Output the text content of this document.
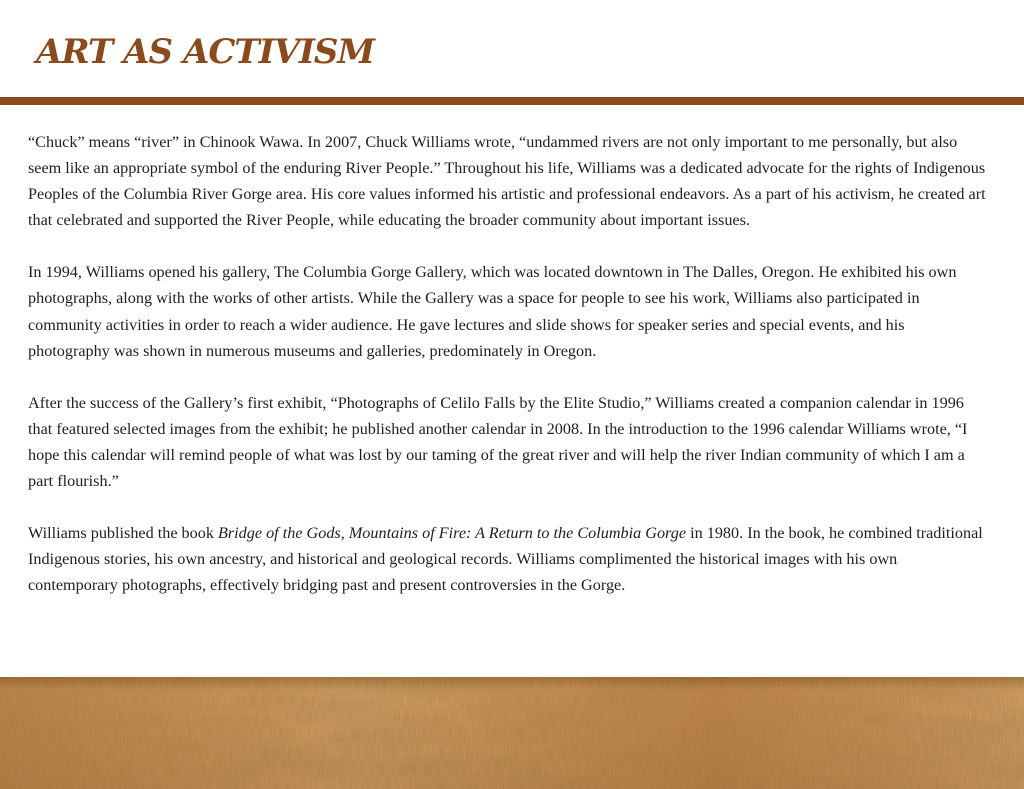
ART AS ACTIVISM

“Chuck” means “river” in Chinook Wawa. In 2007, Chuck Williams wrote, “undammed rivers are not only important to me personally, but also seem like an appropriate symbol of the enduring River People.” Throughout his life, Williams was a dedicated advocate for the rights of Indigenous Peoples of the Columbia River Gorge area. His core values informed his artistic and professional endeavors. As a part of his activism, he created art that celebrated and supported the River People, while educating the broader community about important issues.

In 1994, Williams opened his gallery, The Columbia Gorge Gallery, which was located downtown in The Dalles, Oregon. He exhibited his own photographs, along with the works of other artists. While the Gallery was a space for people to see his work, Williams also participated in community activities in order to reach a wider audience. He gave lectures and slide shows for speaker series and special events, and his photography was shown in numerous museums and galleries, predominately in Oregon.

After the success of the Gallery’s first exhibit, “Photographs of Celilo Falls by the Elite Studio,” Williams created a companion calendar in 1996 that featured selected images from the exhibit; he published another calendar in 2008. In the introduction to the 1996 calendar Williams wrote, “I hope this calendar will remind people of what was lost by our taming of the great river and will help the river Indian community of which I am a part flourish.”

Williams published the book Bridge of the Gods, Mountains of Fire: A Return to the Columbia Gorge in 1980. In the book, he combined traditional Indigenous stories, his own ancestry, and historical and geological records. Williams complimented the historical images with his own contemporary photographs, effectively bridging past and present controversies in the Gorge.
